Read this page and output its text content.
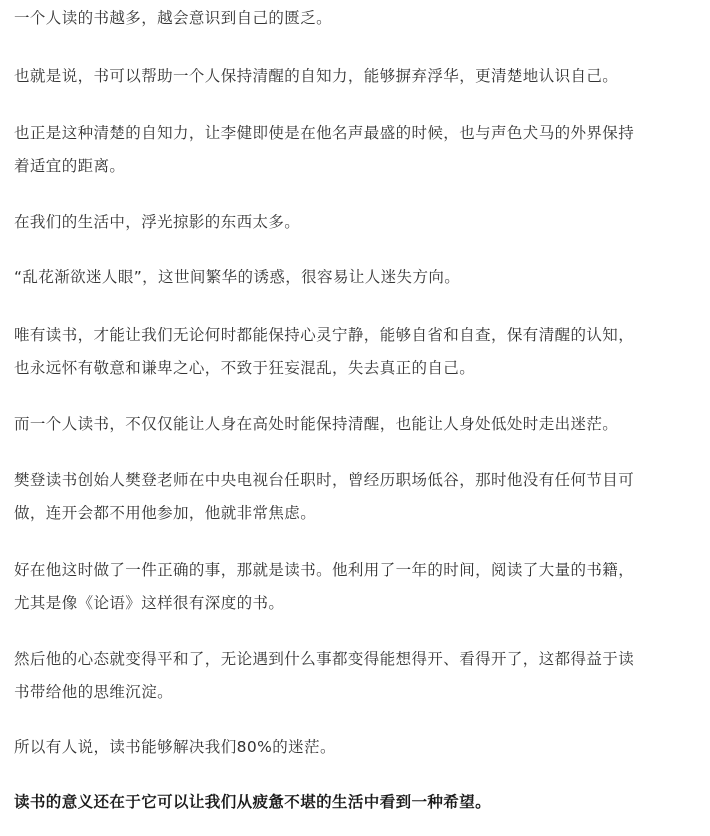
一个人读的书越多，越会意识到自己的匮乏。

也就是说，书可以帮助一个人保持清醒的自知力，能够摒弃浮华，更清楚地认识自己。

也正是这种清楚的自知力，让李健即使是在他名声最盛的时候，也与声色犬马的外界保持
着适宜的距离。

在我们的生活中，浮光掠影的东西太多。

“乱花渐欲迷人眼”，这世间繁华的诱惑，很容易让人迷失方向。

唯有读书，才能让我们无论何时都能保持心灵宁静，能够自省和自查，保有清醒的认知，
也永远怀有敬意和谦卑之心，不致于狂妄混乱，失去真正的自己。

而一个人读书，不仅仅能让人身在高处时能保持清醒，也能让人身处低处时走出迷茫。

樊登读书创始人樊登老师在中央电视台任职时，曾经历职场低谷，那时他没有任何节目可
做，连开会都不用他参加，他就非常焦虑。

好在他这时做了一件正确的事，那就是读书。他利用了一年的时间，阅读了大量的书籍，
尤其是像《论语》这样很有深度的书。

然后他的心态就变得平和了，无论遇到什么事都变得能想得开、看得开了，这都得益于读
书带给他的思维沉淀。

所以有人说，读书能够解决我们80%的迷茫。

读书的意义还在于它可以让我们从疲惫不堪的生活中看到一种希望。
